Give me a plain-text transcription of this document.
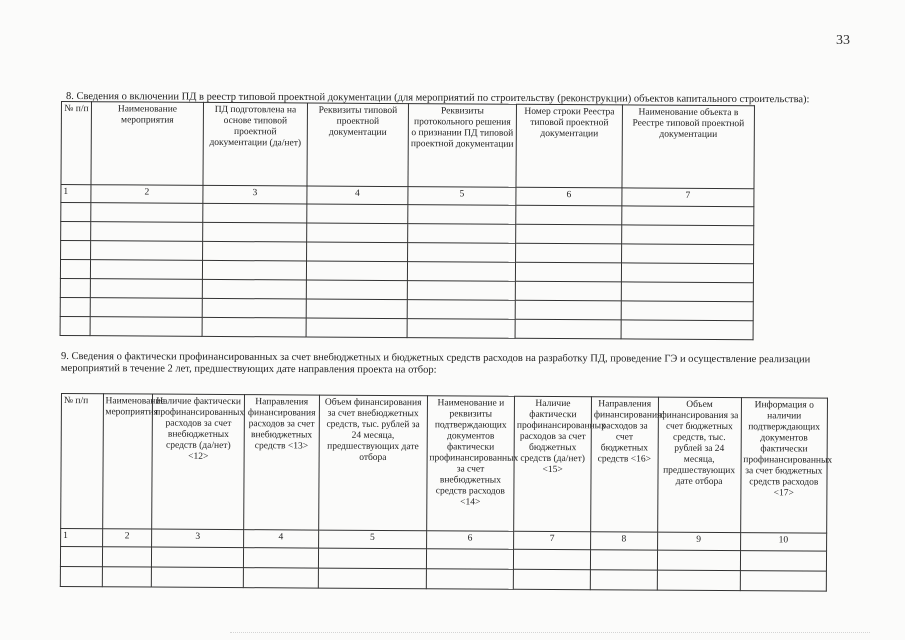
33
8. Сведения о включении ПД в реестр типовой проектной документации (для мероприятий по строительству (реконструкции) объектов капитального строительства):
№ п/п	Наименование мероприятия	ПД подготовлена на основе типовой проектной документации (да/нет)	Реквизиты типовой проектной документации	Реквизиты протокольного решения о признании ПД типовой проектной документации	Номер строки Реестра типовой проектной документации	Наименование объекта в Реестре типовой проектной документации
1	2	3	4	5	6	7

9. Сведения о фактически профинансированных за счет внебюджетных и бюджетных средств расходов на разработку ПД, проведение ГЭ и осуществление реализации мероприятий в течение 2 лет, предшествующих дате направления проекта на отбор:
№ п/п	Наименование мероприятия	Наличие фактически профинансированных расходов за счет внебюджетных средств (да/нет) <12>	Направления финансирования расходов за счет внебюджетных средств <13>	Объем финансирования за счет внебюджетных средств, тыс. рублей за 24 месяца, предшествующих дате отбора	Наименование и реквизиты подтверждающих документов фактически профинансированных за счет внебюджетных средств расходов <14>	Наличие фактически профинансированных расходов за счет бюджетных средств (да/нет) <15>	Направления финансирования расходов за счет бюджетных средств <16>	Объем финансирования за счет бюджетных средств, тыс. рублей за 24 месяца, предшествующих дате отбора	Информация о наличии подтверждающих документов фактически профинансированных за счет бюджетных средств расходов <17>
1	2	3	4	5	6	7	8	9	10
